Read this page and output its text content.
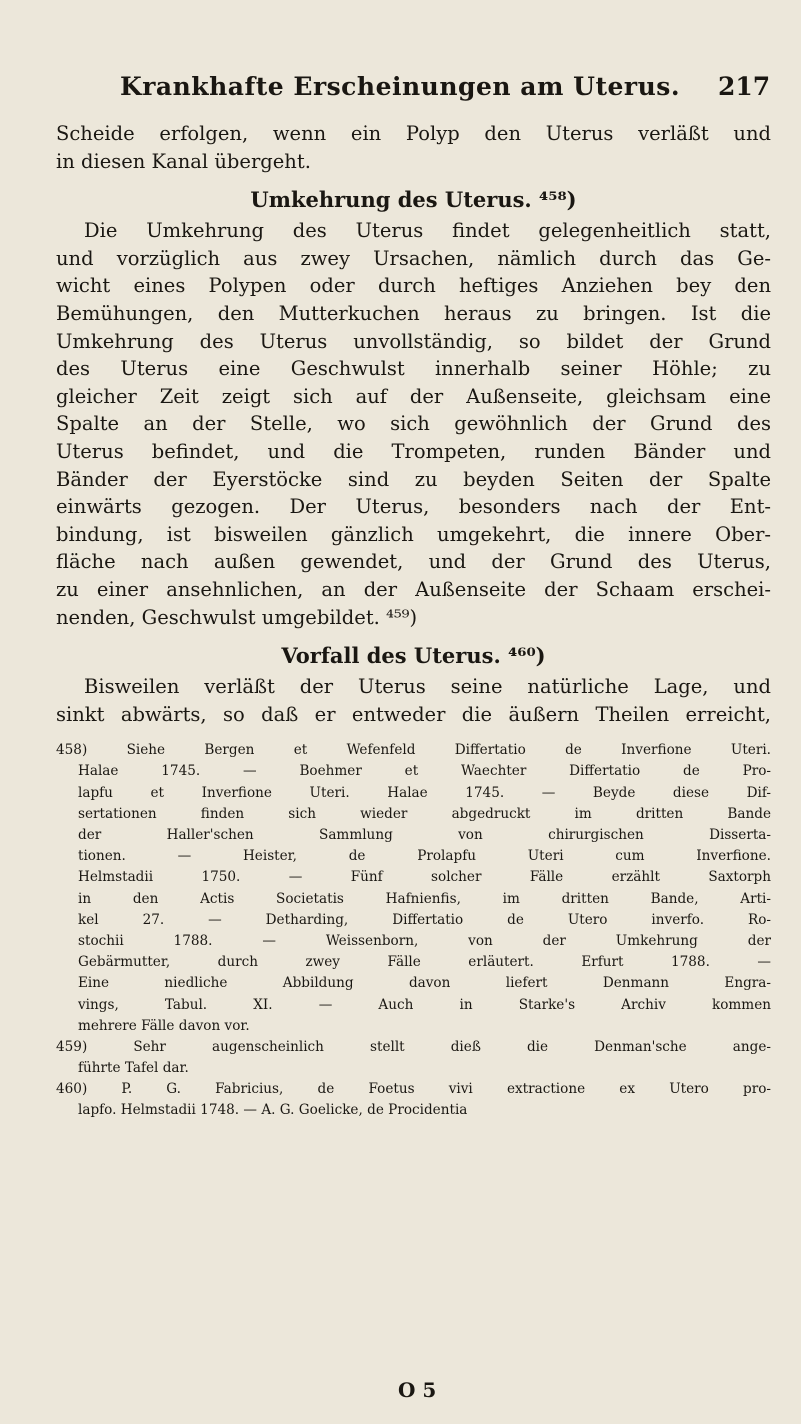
Krankhafte Erscheinungen am Uterus. 217
Scheide erfolgen, wenn ein Polyp den Uterus verläßt und
in diesen Kanal übergeht.
Umkehrung des Uterus. ⁴⁵⁸)
Die Umkehrung des Uterus findet gelegenheitlich statt,
und vorzüglich aus zwey Ursachen, nämlich durch das Ge-
wicht eines Polypen oder durch heftiges Anziehen bey den
Bemühungen, den Mutterkuchen heraus zu bringen. Ist die
Umkehrung des Uterus unvollständig, so bildet der Grund
des Uterus eine Geschwulst innerhalb seiner Höhle; zu
gleicher Zeit zeigt sich auf der Außenseite, gleichsam eine
Spalte an der Stelle, wo sich gewöhnlich der Grund des
Uterus befindet, und die Trompeten, runden Bänder und
Bänder der Eyerstöcke sind zu beyden Seiten der Spalte
einwärts gezogen. Der Uterus, besonders nach der Ent-
bindung, ist bisweilen gänzlich umgekehrt, die innere Ober-
fläche nach außen gewendet, und der Grund des Uterus,
zu einer ansehnlichen, an der Außenseite der Schaam erschei-
nenden, Geschwulst umgebildet. ⁴⁵⁹)
Vorfall des Uterus. ⁴⁶⁰)
Bisweilen verläßt der Uterus seine natürliche Lage, und
sinkt abwärts, so daß er entweder die äußern Theilen erreicht,
458) Siehe Bergen et Wefenfeld Differtatio de Inverfione Uteri.
Halae 1745. — Boehmer et Waechter Differtatio de Pro-
lapfu et Inverfione Uteri. Halae 1745. — Beyde diese Dif-
sertationen finden sich wieder abgedruckt im dritten Bande
der Haller'schen Sammlung von chirurgischen Disserta-
tionen. — Heister, de Prolapfu Uteri cum Inverfione.
Helmstadii 1750. — Fünf solcher Fälle erzählt Saxtorph
in den Actis Societatis Hafnienfis, im dritten Bande, Arti-
kel 27. — Detharding, Differtatio de Utero inverfo. Ro-
stochii 1788. — Weissenborn, von der Umkehrung der
Gebärmutter, durch zwey Fälle erläutert. Erfurt 1788. —
Eine niedliche Abbildung davon liefert Denmann Engra-
vings, Tabul. XI. — Auch in Starke's Archiv kommen
mehrere Fälle davon vor.
459) Sehr augenscheinlich stellt dieß die Denman'sche ange-
führte Tafel dar.
460) P. G. Fabricius, de Foetus vivi extractione ex Utero pro-
lapfo. Helmstadii 1748. — A. G. Goelicke, de Procidentia
O 5
